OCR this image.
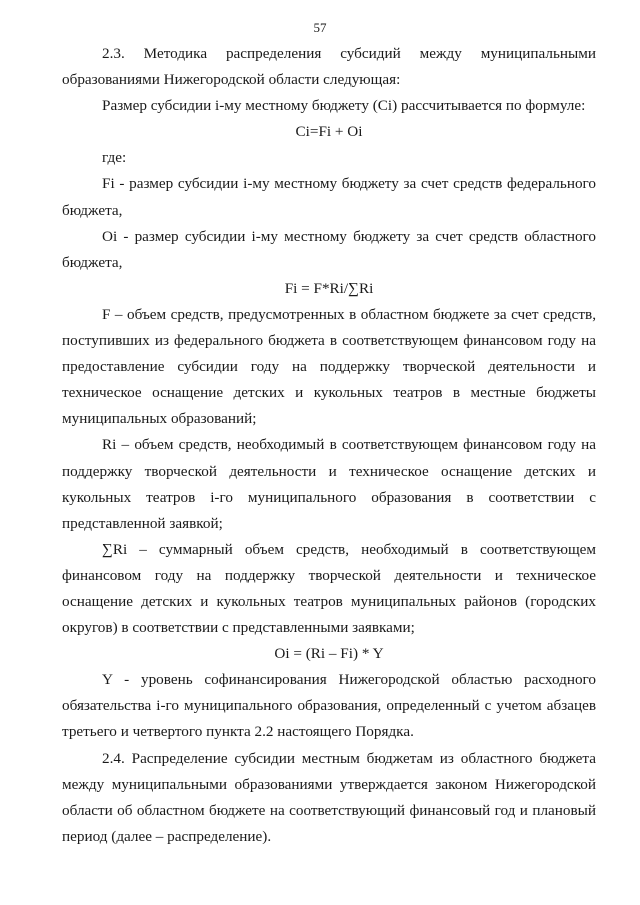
57

2.3. Методика распределения субсидий между муниципальными образованиями Нижегородской области следующая:

Размер субсидии i-му местному бюджету (Ci) рассчитывается по формуле:

Ci=Fi + Oi

где:

Fi - размер субсидии i-му местному бюджету за счет средств федерального бюджета,

Oi - размер субсидии i-му местному бюджету за счет средств областного бюджета,

Fi = F*Ri/∑Ri

F – объем средств, предусмотренных в областном бюджете за счет средств, поступивших из федерального бюджета в соответствующем финансовом году на предоставление субсидии году на поддержку творческой деятельности и техническое оснащение детских и кукольных театров в местные бюджеты муниципальных образований;

Ri – объем средств, необходимый в соответствующем финансовом году на поддержку творческой деятельности и техническое оснащение детских и кукольных театров i-го муниципального образования в соответствии с представленной заявкой;

∑Ri – суммарный объем средств, необходимый в соответствующем финансовом году на поддержку творческой деятельности и техническое оснащение детских и кукольных театров муниципальных районов (городских округов) в соответствии с представленными заявками;

Oi = (Ri – Fi) * Y

Y - уровень софинансирования Нижегородской областью расходного обязательства i-го муниципального образования, определенный с учетом абзацев третьего и четвертого пункта 2.2 настоящего Порядка.

2.4. Распределение субсидии местным бюджетам из областного бюджета между муниципальными образованиями утверждается законом Нижегородской области об областном бюджете на соответствующий финансовый год и плановый период (далее – распределение).
